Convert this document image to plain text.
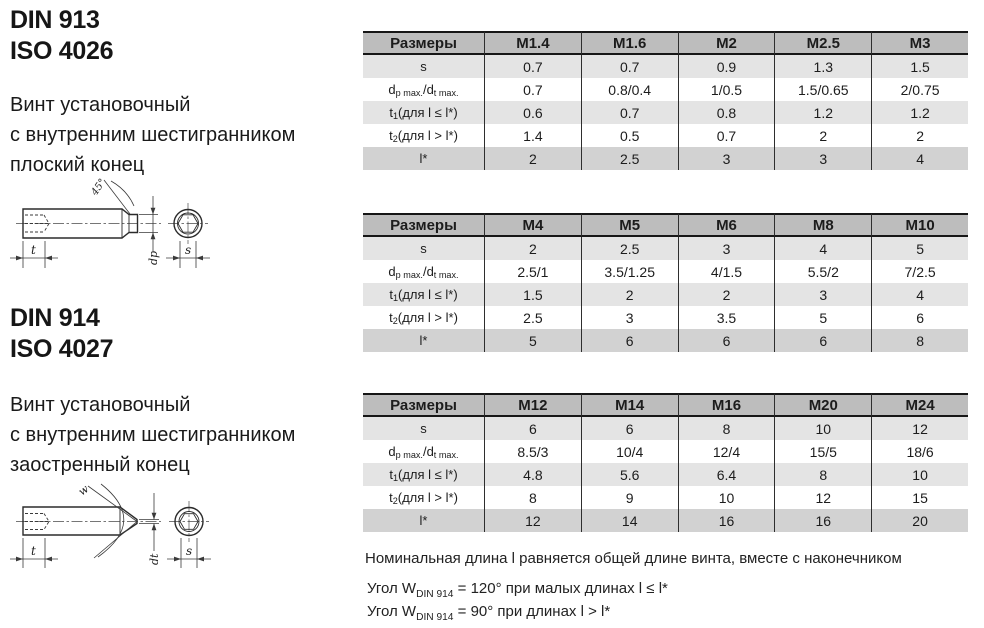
DIN 913
ISO 4026
Винт установочный
с внутренним шестигранником
плоский конец
45°
t
dp
s
DIN 914
ISO 4027
Винт установочный
с внутренним шестигранником
заостренный конец
w
t
dt
s
Размеры	M1.4	M1.6	M2	M2.5	M3
s	0.7	0.7	0.9	1.3	1.5
d p max. /d t max.	0.7	0.8/0.4	1/0.5	1.5/0.65	2/0.75
t 1 (для l ≤ l*)	0.6	0.7	0.8	1.2	1.2
t 2 (для l > l*)	1.4	0.5	0.7	2	2
l*	2	2.5	3	3	4
Размеры	M4	M5	M6	M8	M10
s	2	2.5	3	4	5
d p max. /d t max.	2.5/1	3.5/1.25	4/1.5	5.5/2	7/2.5
t 1 (для l ≤ l*)	1.5	2	2	3	4
t 2 (для l > l*)	2.5	3	3.5	5	6
l*	5	6	6	6	8
Размеры	M12	M14	M16	M20	M24
s	6	6	8	10	12
d p max. /d t max.	8.5/3	10/4	12/4	15/5	18/6
t 1 (для l ≤ l*)	4.8	5.6	6.4	8	10
t 2 (для l > l*)	8	9	10	12	15
l*	12	14	16	16	20
Номинальная длина l равняется общей длине винта, вместе с наконечником
Угол $W_{DIN 914} = 120^\circ$ при малых длинах l ≤ l*
Угол $W_{DIN 914} = 90^\circ$ при длинах l > l*
